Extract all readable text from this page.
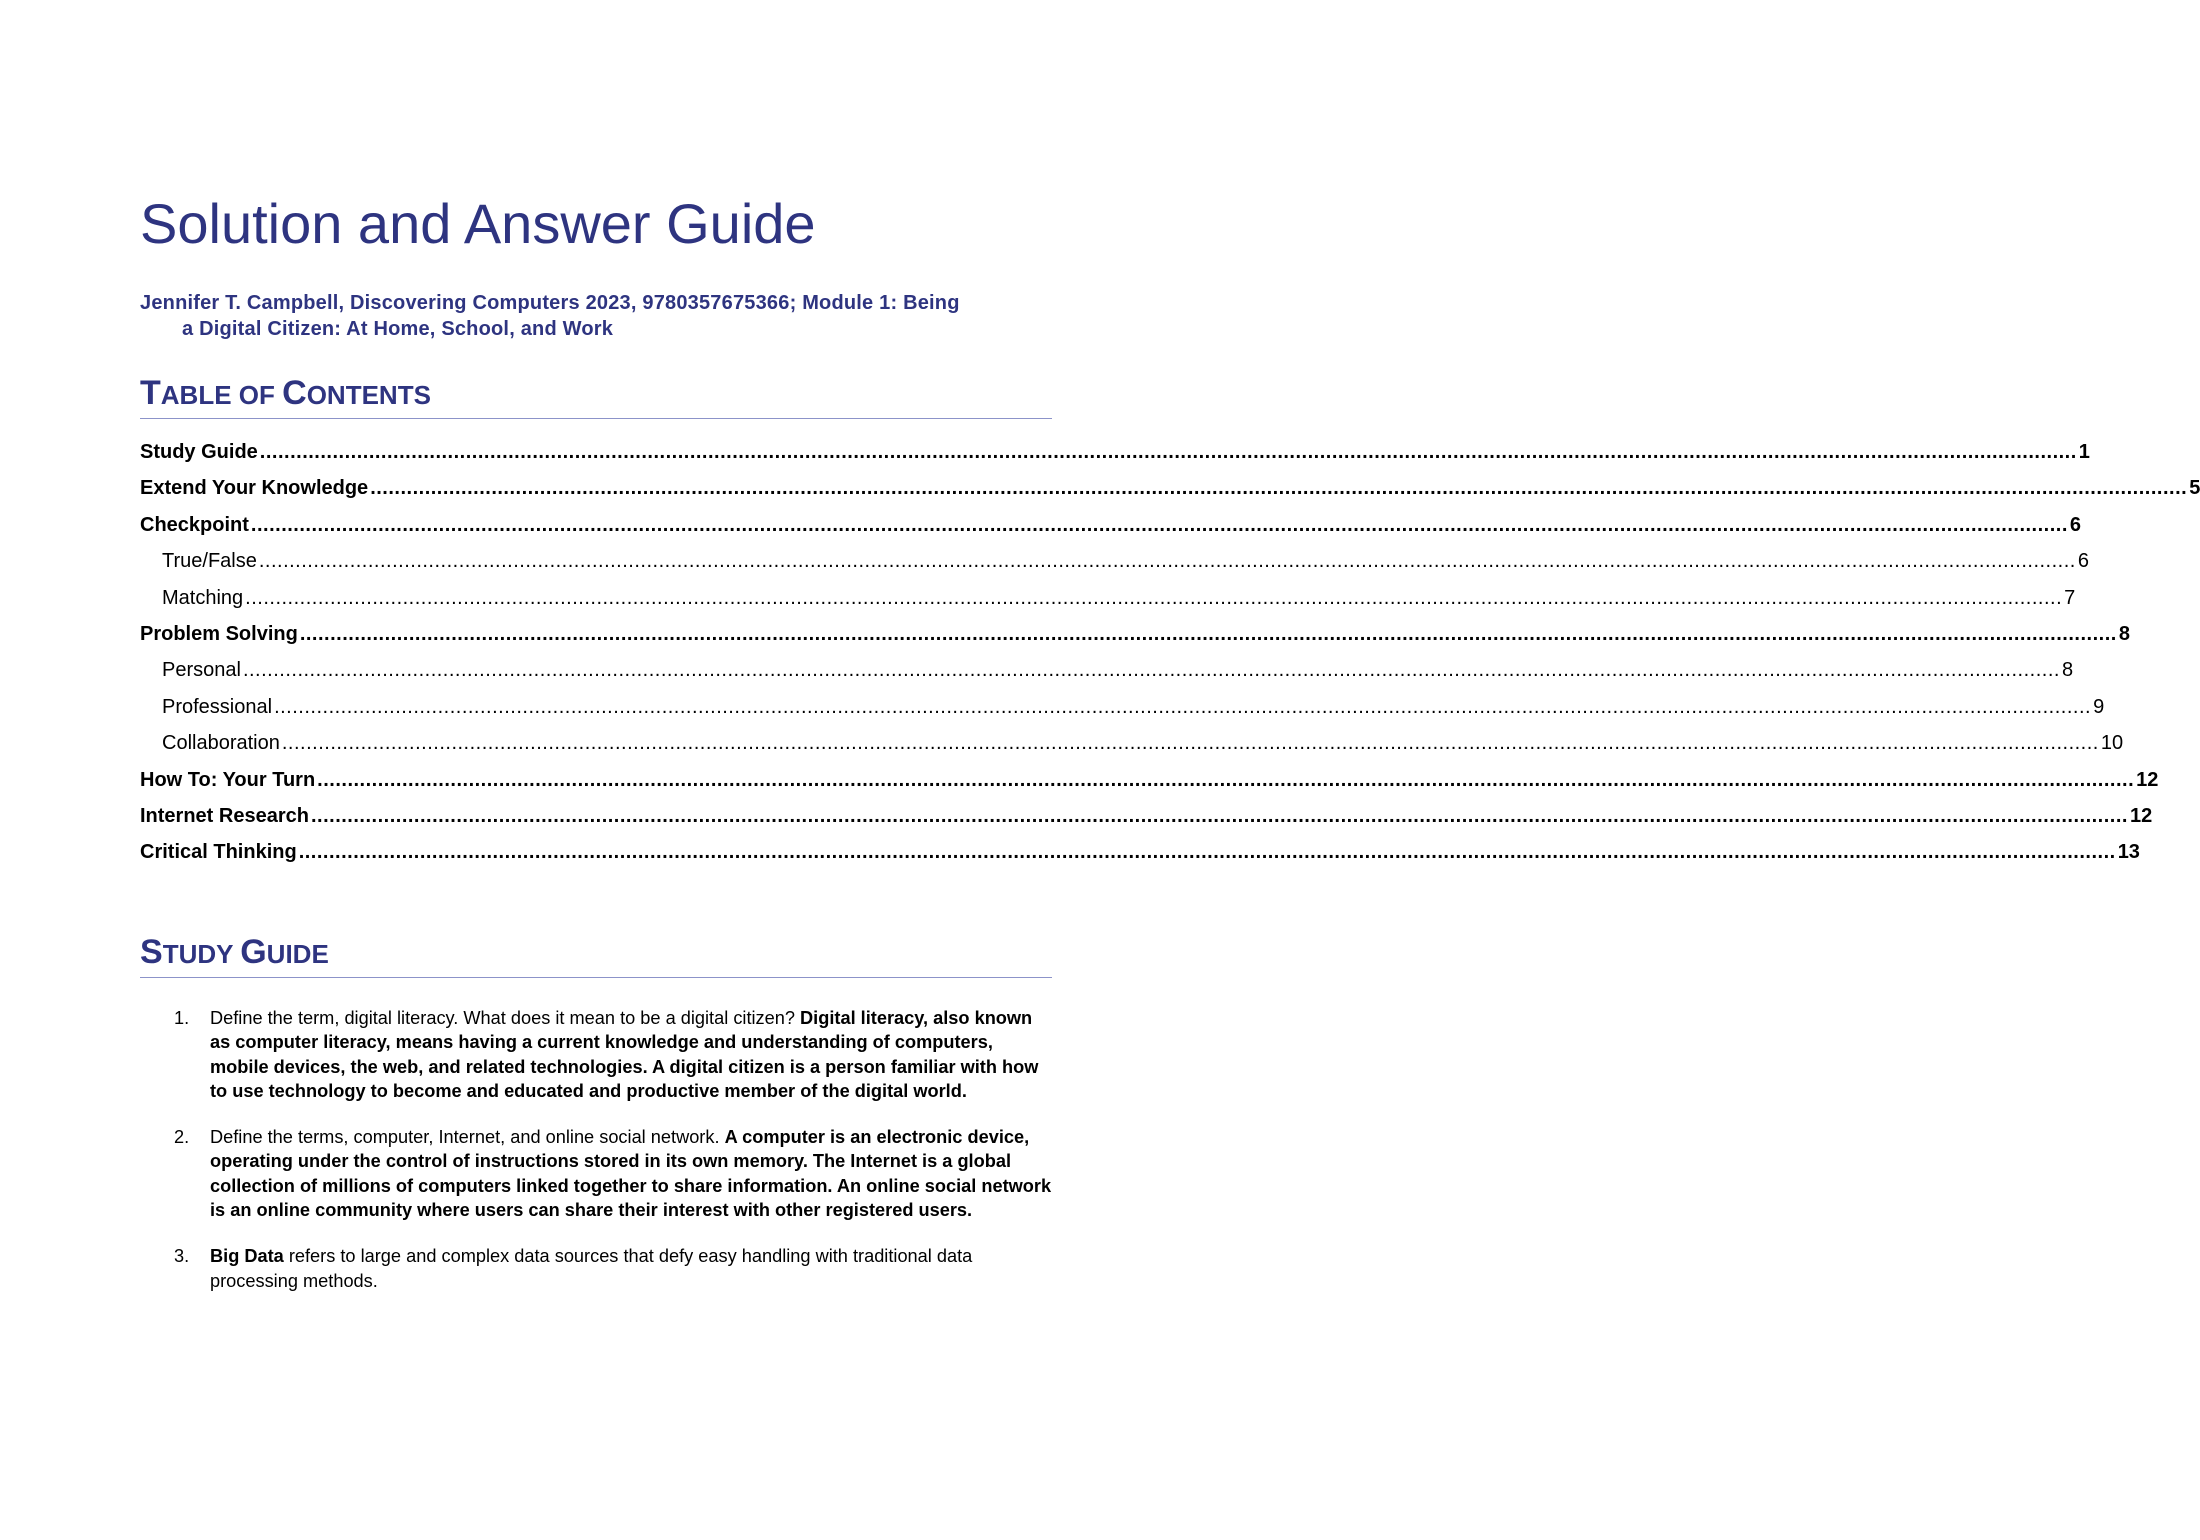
Solution and Answer Guide
Jennifer T. Campbell, Discovering Computers 2023, 9780357675366; Module 1: Being
a Digital Citizen: At Home, School, and Work
TABLE OF CONTENTS
Study Guide ............................................................................................................................................................................................................................................................................................................ 1
Extend Your Knowledge ............................................................................................................................................................................................................................................................................................................ 5
Checkpoint ............................................................................................................................................................................................................................................................................................................ 6
True/False ............................................................................................................................................................................................................................................................................................................ 6
Matching ............................................................................................................................................................................................................................................................................................................ 7
Problem Solving ............................................................................................................................................................................................................................................................................................................ 8
Personal ............................................................................................................................................................................................................................................................................................................ 8
Professional ............................................................................................................................................................................................................................................................................................................ 9
Collaboration ............................................................................................................................................................................................................................................................................................................ 10
How To: Your Turn ............................................................................................................................................................................................................................................................................................................ 12
Internet Research ............................................................................................................................................................................................................................................................................................................ 12
Critical Thinking ............................................................................................................................................................................................................................................................................................................ 13
STUDY GUIDE
1. Define the term, digital literacy. What does it mean to be a digital citizen? Digital literacy, also known as computer literacy, means having a current knowledge and understanding of computers, mobile devices, the web, and related technologies. A digital citizen is a person familiar with how to use technology to become and educated and productive member of the digital world.
2. Define the terms, computer, Internet, and online social network. A computer is an electronic device, operating under the control of instructions stored in its own memory. The Internet is a global collection of millions of computers linked together to share information. An online social network is an online community where users can share their interest with other registered users.
3. Big Data refers to large and complex data sources that defy easy handling with traditional data processing methods.
